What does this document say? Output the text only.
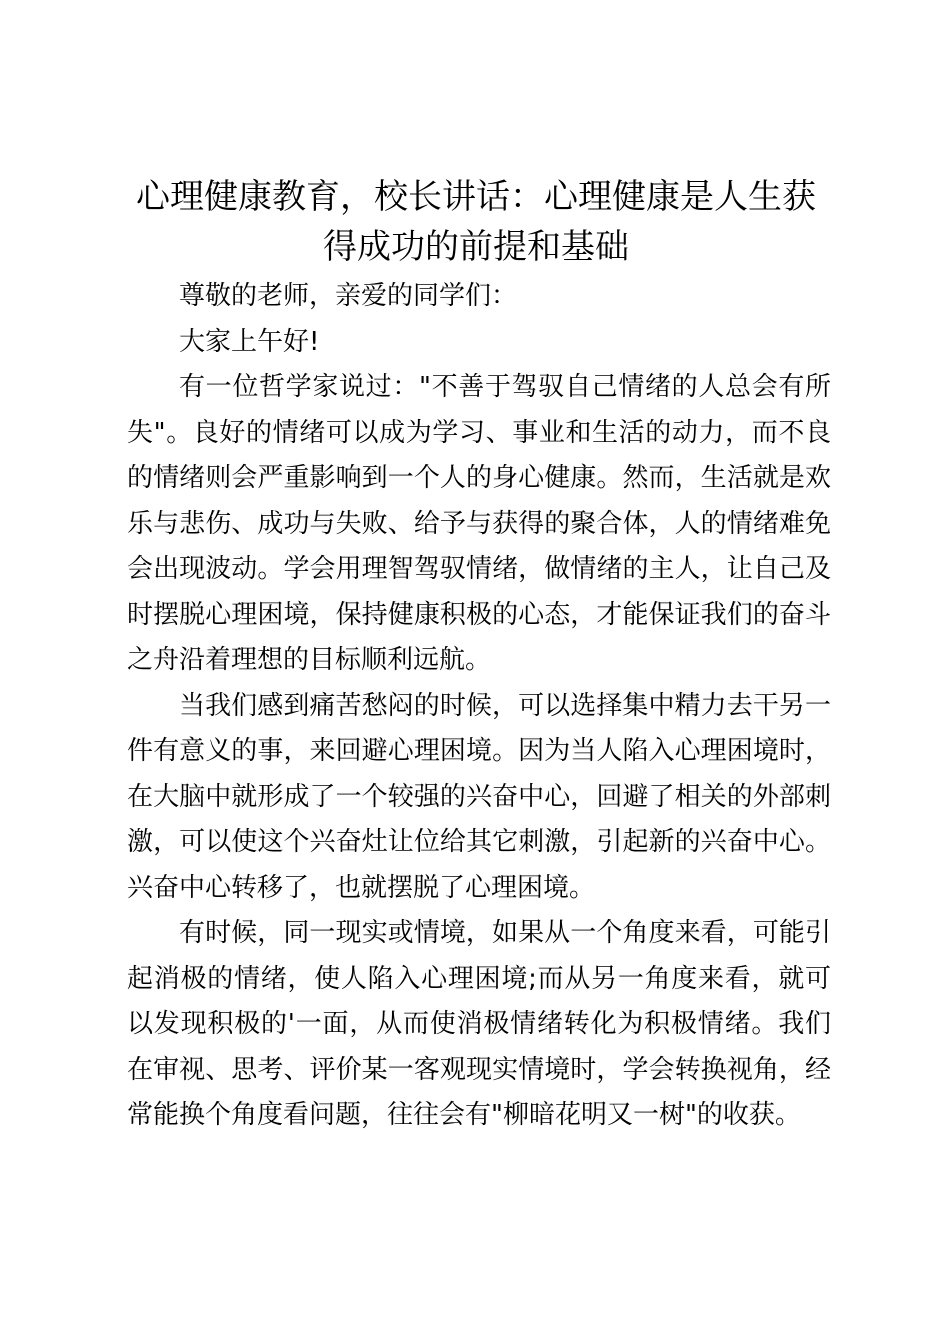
心理健康教育，校长讲话：心理健康是人生获得成功的前提和基础

尊敬的老师，亲爱的同学们：

大家上午好!

有一位哲学家说过："不善于驾驭自己情绪的人总会有所失"。良好的情绪可以成为学习、事业和生活的动力，而不良的情绪则会严重影响到一个人的身心健康。然而，生活就是欢乐与悲伤、成功与失败、给予与获得的聚合体，人的情绪难免会出现波动。学会用理智驾驭情绪，做情绪的主人，让自己及时摆脱心理困境，保持健康积极的心态，才能保证我们的奋斗之舟沿着理想的目标顺利远航。

当我们感到痛苦愁闷的时候，可以选择集中精力去干另一件有意义的事，来回避心理困境。因为当人陷入心理困境时，在大脑中就形成了一个较强的兴奋中心，回避了相关的外部刺激，可以使这个兴奋灶让位给其它刺激，引起新的兴奋中心。兴奋中心转移了，也就摆脱了心理困境。

有时候，同一现实或情境，如果从一个角度来看，可能引起消极的情绪，使人陷入心理困境;而从另一角度来看，就可以发现积极的'一面，从而使消极情绪转化为积极情绪。我们在审视、思考、评价某一客观现实情境时，学会转换视角，经常能换个角度看问题，往往会有"柳暗花明又一树"的收获。
